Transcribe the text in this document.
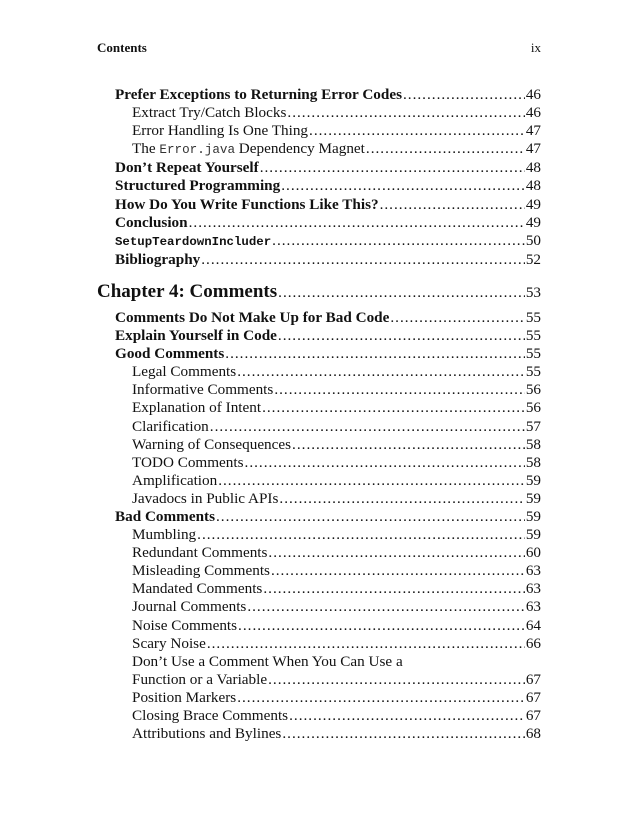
Contents	ix
Prefer Exceptions to Returning Error Codes .....	46
Extract Try/Catch Blocks .....	46
Error Handling Is One Thing .....	47
The Error.java Dependency Magnet .....	47
Don’t Repeat Yourself .....	48
Structured Programming .....	48
How Do You Write Functions Like This? .....	49
Conclusion .....	49
SetupTeardownIncluder .....	50
Bibliography .....	52
Chapter 4: Comments .....	53
Comments Do Not Make Up for Bad Code .....	55
Explain Yourself in Code .....	55
Good Comments .....	55
Legal Comments .....	55
Informative Comments .....	56
Explanation of Intent .....	56
Clarification .....	57
Warning of Consequences .....	58
TODO Comments .....	58
Amplification .....	59
Javadocs in Public APIs .....	59
Bad Comments .....	59
Mumbling .....	59
Redundant Comments .....	60
Misleading Comments .....	63
Mandated Comments .....	63
Journal Comments .....	63
Noise Comments .....	64
Scary Noise .....	66
Don’t Use a Comment When You Can Use a
Function or a Variable .....	67
Position Markers .....	67
Closing Brace Comments .....	67
Attributions and Bylines .....	68
